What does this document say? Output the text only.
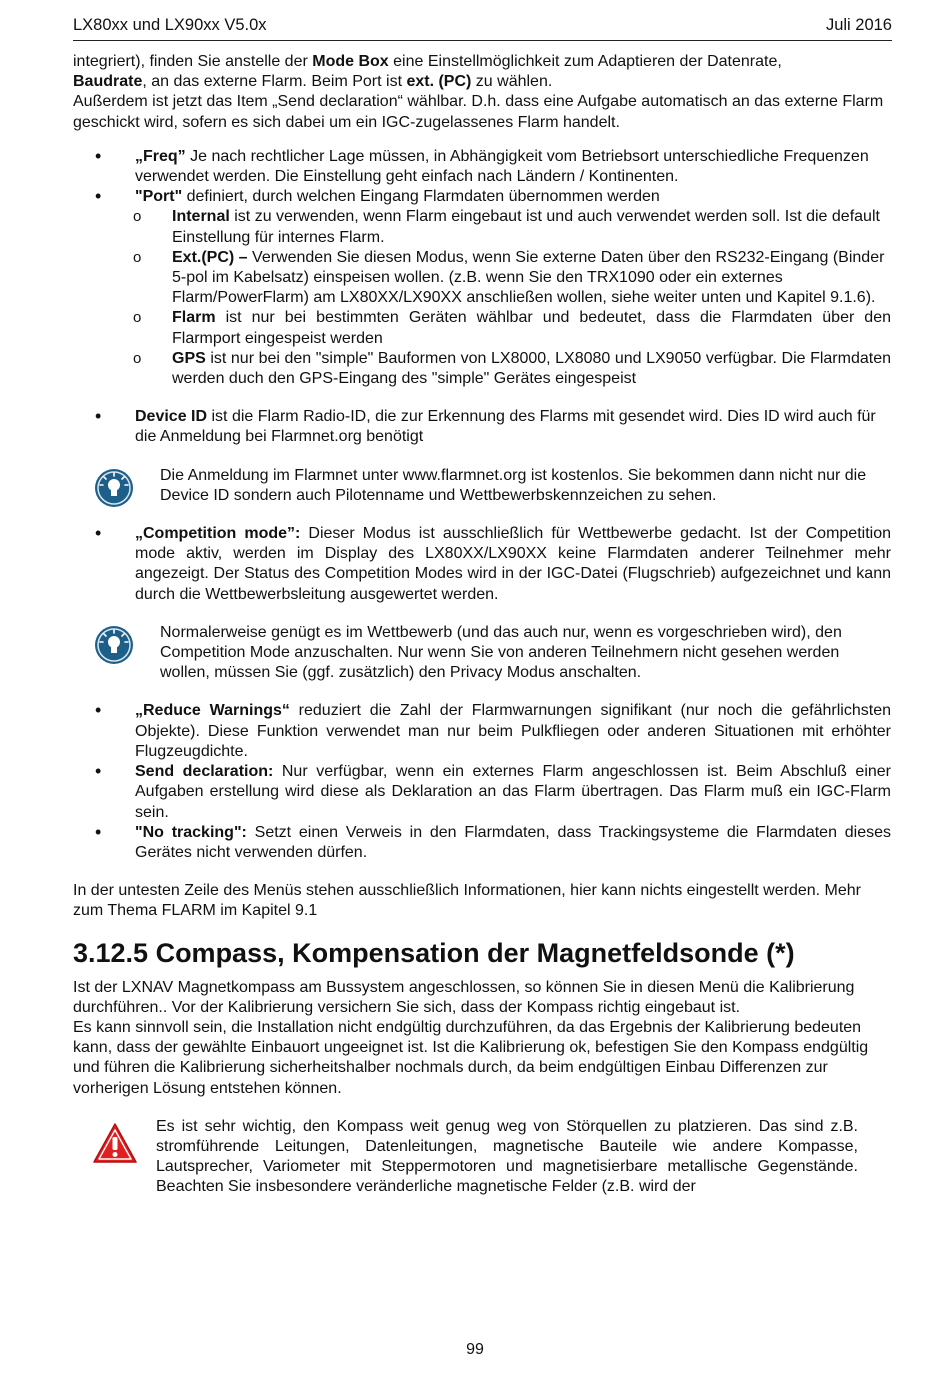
LX80xx und LX90xx V5.0x	Juli 2016

integriert), finden Sie anstelle der Mode Box eine Einstellmöglichkeit zum Adaptieren der Datenrate,
Baudrate, an das externe Flarm. Beim Port ist ext. (PC) zu wählen.

Außerdem ist jetzt das Item „Send declaration“ wählbar. D.h. dass eine Aufgabe automatisch an das externe Flarm geschickt wird, sofern es sich dabei um ein IGC-zugelassenes Flarm handelt.

• „Freq” Je nach rechtlicher Lage müssen, in Abhängigkeit vom Betriebsort unterschiedliche Frequenzen verwendet werden. Die Einstellung geht einfach nach Ländern / Kontinenten.
• "Port" definiert, durch welchen Eingang Flarmdaten übernommen werden
o Internal ist zu verwenden, wenn Flarm eingebaut ist und auch verwendet werden soll. Ist die default Einstellung für internes Flarm.
o Ext.(PC) – Verwenden Sie diesen Modus, wenn Sie externe Daten über den RS232-Eingang (Binder 5-pol im Kabelsatz) einspeisen wollen. (z.B. wenn Sie den TRX1090 oder ein externes Flarm/PowerFlarm) am LX80XX/LX90XX anschließen wollen, siehe weiter unten und Kapitel 9.1.6).
o Flarm ist nur bei bestimmten Geräten wählbar und bedeutet, dass die Flarmdaten über den Flarmport eingespeist werden
o GPS ist nur bei den "simple" Bauformen von LX8000, LX8080 und LX9050 verfügbar. Die Flarmdaten werden duch den GPS-Eingang des "simple" Gerätes eingespeist
• Device ID ist die Flarm Radio-ID, die zur Erkennung des Flarms mit gesendet wird. Dies ID wird auch für die Anmeldung bei Flarmnet.org benötigt

Die Anmeldung im Flarmnet unter www.flarmnet.org ist kostenlos. Sie bekommen dann nicht nur die Device ID sondern auch Pilotenname und Wettbewerbskennzeichen zu sehen.

• „Competition mode”: Dieser Modus ist ausschließlich für Wettbewerbe gedacht. Ist der Competition mode aktiv, werden im Display des LX80XX/LX90XX keine Flarmdaten anderer Teilnehmer mehr angezeigt. Der Status des Competition Modes wird in der IGC-Datei (Flugschrieb) aufgezeichnet und kann durch die Wettbewerbsleitung ausgewertet werden.

Normalerweise genügt es im Wettbewerb (und das auch nur, wenn es vorgeschrieben wird), den Competition Mode anzuschalten. Nur wenn Sie von anderen Teilnehmern nicht gesehen werden wollen, müssen Sie (ggf. zusätzlich) den Privacy Modus anschalten.

• „Reduce Warnings“ reduziert die Zahl der Flarmwarnungen signifikant (nur noch die gefährlichsten Objekte). Diese Funktion verwendet man nur beim Pulkfliegen oder anderen Situationen mit erhöhter Flugzeugdichte.
• Send declaration: Nur verfügbar, wenn ein externes Flarm angeschlossen ist. Beim Abschluß einer Aufgaben erstellung wird diese als Deklaration an das Flarm übertragen. Das Flarm muß ein IGC-Flarm sein.
• "No tracking": Setzt einen Verweis in den Flarmdaten, dass Trackingsysteme die Flarmdaten dieses Gerätes nicht verwenden dürfen.

In der untesten Zeile des Menüs stehen ausschließlich Informationen, hier kann nichts eingestellt werden. Mehr zum Thema FLARM im Kapitel 9.1

3.12.5 Compass, Kompensation der Magnetfeldsonde (*)

Ist der LXNAV Magnetkompass am Bussystem angeschlossen, so können Sie in diesen Menü die Kalibrierung durchführen.. Vor der Kalibrierung versichern Sie sich, dass der Kompass richtig eingebaut ist.

Es kann sinnvoll sein, die Installation nicht endgültig durchzuführen, da das Ergebnis der Kalibrierung bedeuten kann, dass der gewählte Einbauort ungeeignet ist. Ist die Kalibrierung ok, befestigen Sie den Kompass endgültig und führen die Kalibrierung sicherheitshalber nochmals durch, da beim endgültigen Einbau Differenzen zur vorherigen Lösung entstehen können.

Es ist sehr wichtig, den Kompass weit genug weg von Störquellen zu platzieren. Das sind z.B. stromführende Leitungen, Datenleitungen, magnetische Bauteile wie andere Kompasse, Lautsprecher, Variometer mit Steppermotoren und magnetisierbare metallische Gegenstände. Beachten Sie insbesondere veränderliche magnetische Felder (z.B. wird der

99
